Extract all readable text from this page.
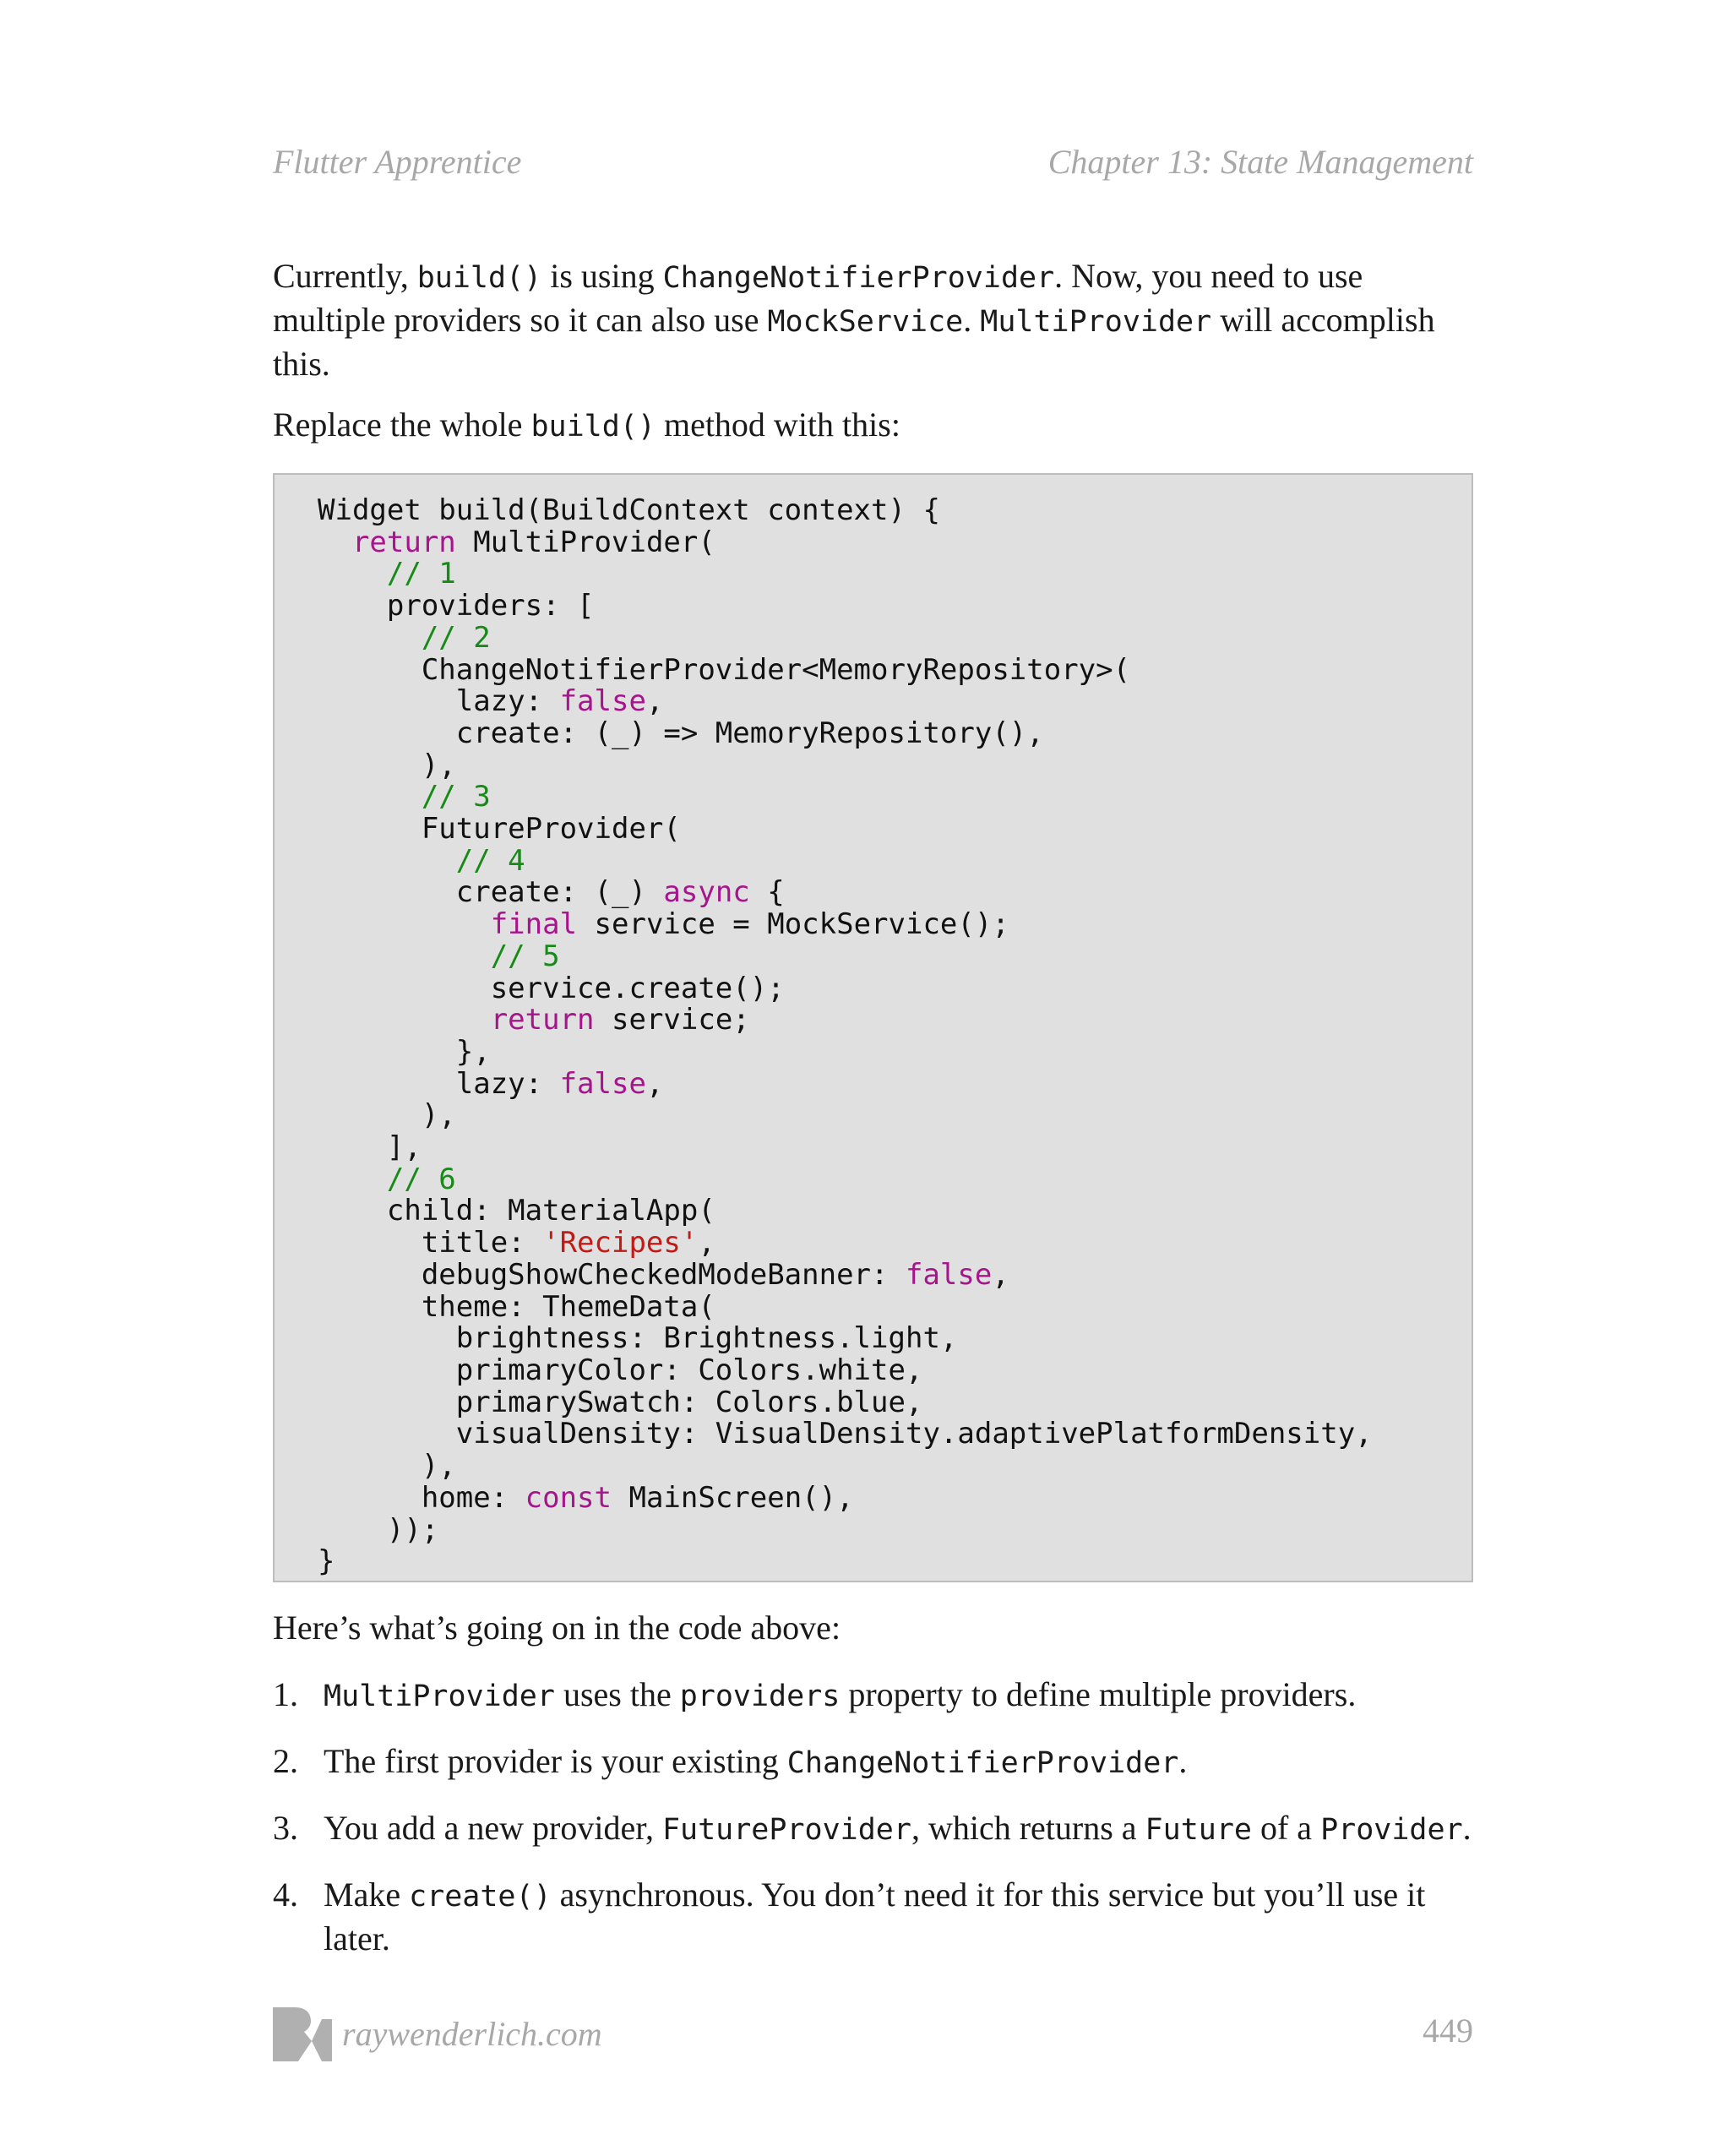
Flutter Apprentice	Chapter 13: State Management

Currently, build() is using ChangeNotifierProvider. Now, you need to use multiple providers so it can also use MockService. MultiProvider will accomplish this.

Replace the whole build() method with this:

Widget build(BuildContext context) {
return MultiProvider(
// 1
providers: [
// 2
ChangeNotifierProvider<MemoryRepository>(
lazy: false,
create: (_) => MemoryRepository(),
),
// 3
FutureProvider(
// 4
create: (_) async {
final service = MockService();
// 5
service.create();
return service;
},
lazy: false,
),
],
// 6
child: MaterialApp(
title: 'Recipes',
debugShowCheckedModeBanner: false,
theme: ThemeData(
brightness: Brightness.light,
primaryColor: Colors.white,
primarySwatch: Colors.blue,
visualDensity: VisualDensity.adaptivePlatformDensity,
),
home: const MainScreen(),
));
}

Here’s what’s going on in the code above:

1. MultiProvider uses the providers property to define multiple providers.
2. The first provider is your existing ChangeNotifierProvider.
3. You add a new provider, FutureProvider, which returns a Future of a Provider.
4. Make create() asynchronous. You don’t need it for this service but you’ll use it later.
raywenderlich.com	449
